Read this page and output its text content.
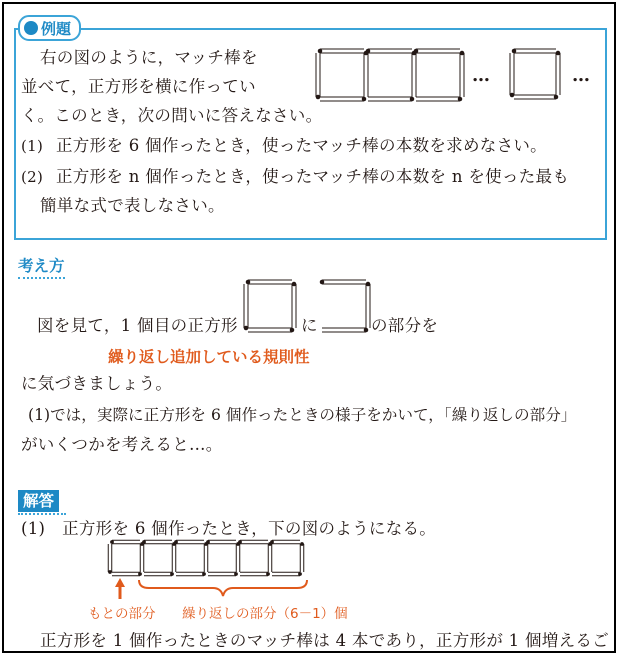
例題
右の図のように，マッチ棒を
並べて，正方形を横に作ってい
く。このとき，次の問いに答えなさい。
…	…
(1) 正方形を 6 個作ったとき，使ったマッチ棒の本数を求めなさい。
(2) 正方形を n 個作ったとき，使ったマッチ棒の本数を n を使った最も
簡単な式で表しなさい。
考え方
図を見て，1 個目の正方形	に	の部分を
繰り返し追加している規則性
に気づきましょう。
(1)では，実際に正方形を 6 個作ったときの様子をかいて，「繰り返しの部分」
がいくつかを考えると…。
解答
(1)　正方形を 6 個作ったとき，下の図のようになる。
もとの部分 繰り返しの部分（6－1）個
正方形を 1 個作ったときのマッチ棒は 4 本であり，正方形が 1 個増えるご
